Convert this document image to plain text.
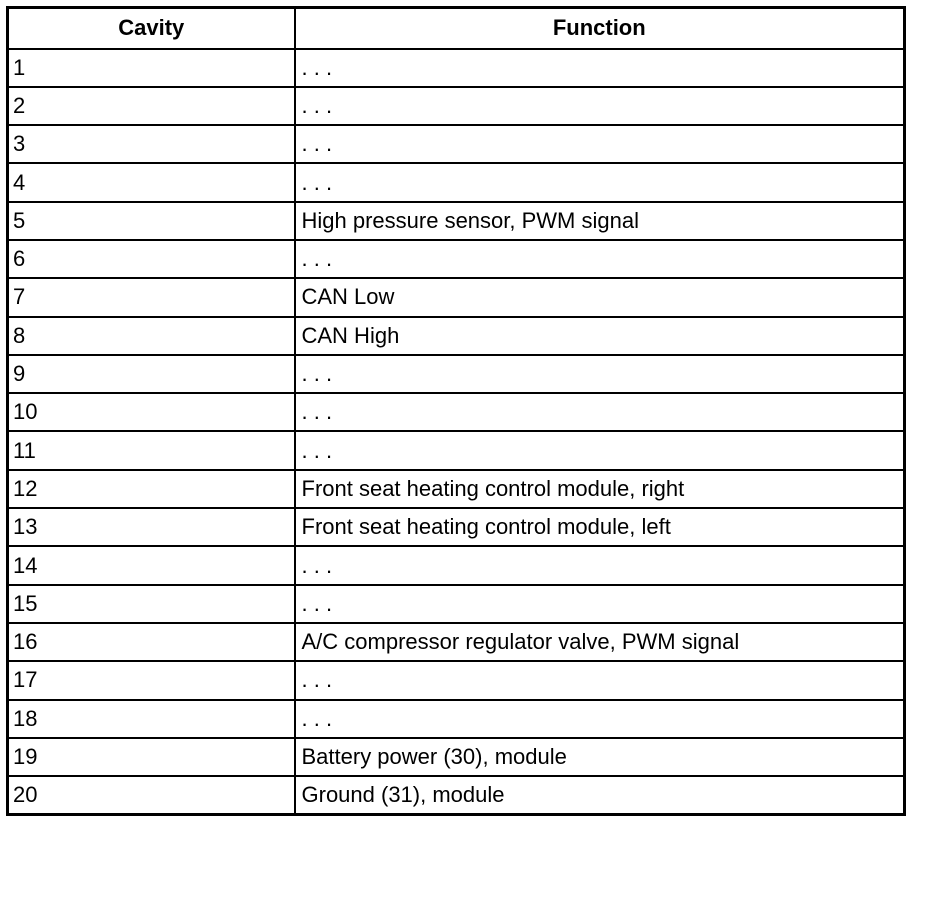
Cavity	Function
1	. . .
2	. . .
3	. . .
4	. . .
5	High pressure sensor, PWM signal
6	. . .
7	CAN Low
8	CAN High
9	. . .
10	. . .
11	. . .
12	Front seat heating control module, right
13	Front seat heating control module, left
14	. . .
15	. . .
16	A/C compressor regulator valve, PWM signal
17	. . .
18	. . .
19	Battery power (30), module
20	Ground (31), module
